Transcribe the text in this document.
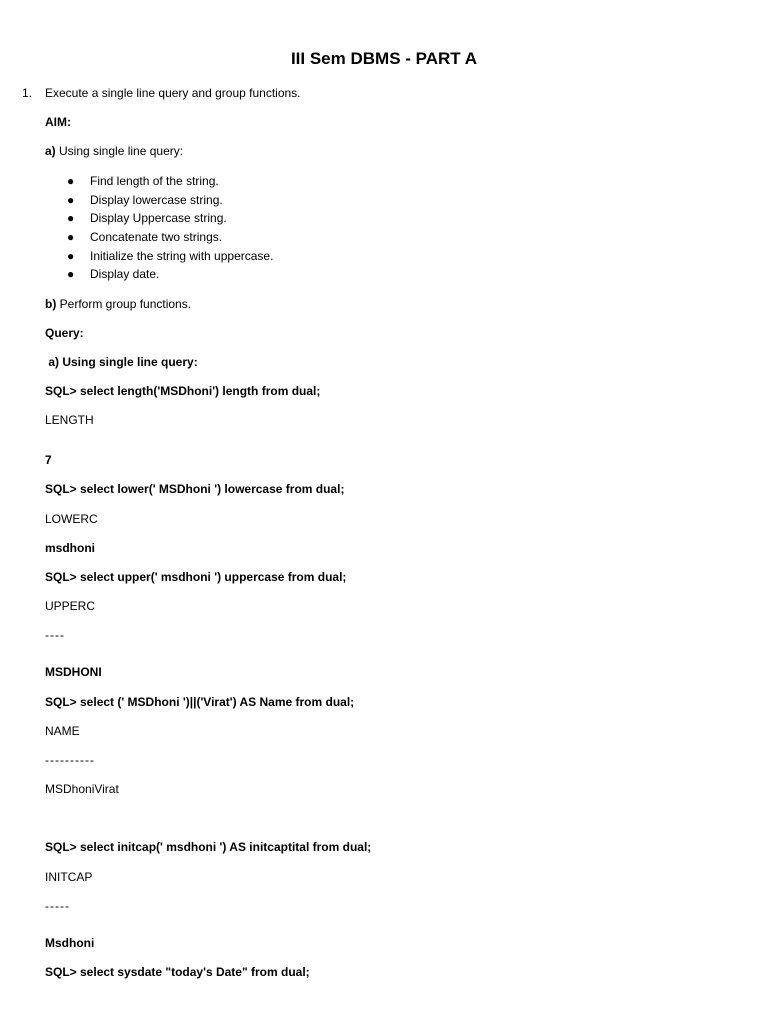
III Sem DBMS - PART A
1. Execute a single line query and group functions.
AIM:
a) Using single line query:
●	Find length of the string.
●	Display lowercase string.
●	Display Uppercase string.
●	Concatenate two strings.
●	Initialize the string with uppercase.
●	Display date.
b) Perform group functions.
Query:
a) Using single line query:
SQL> select length('MSDhoni') length from dual;
LENGTH
7
SQL> select lower(' MSDhoni ') lowercase from dual;
LOWERC
msdhoni
SQL> select upper(' msdhoni ') uppercase from dual;
UPPERC
----
MSDHONI
SQL> select (' MSDhoni ')||('Virat') AS Name from dual;
NAME
----------
MSDhoniVirat
SQL> select initcap(' msdhoni ') AS initcaptital from dual;
INITCAP
-----
Msdhoni
SQL> select sysdate "today's Date" from dual;
